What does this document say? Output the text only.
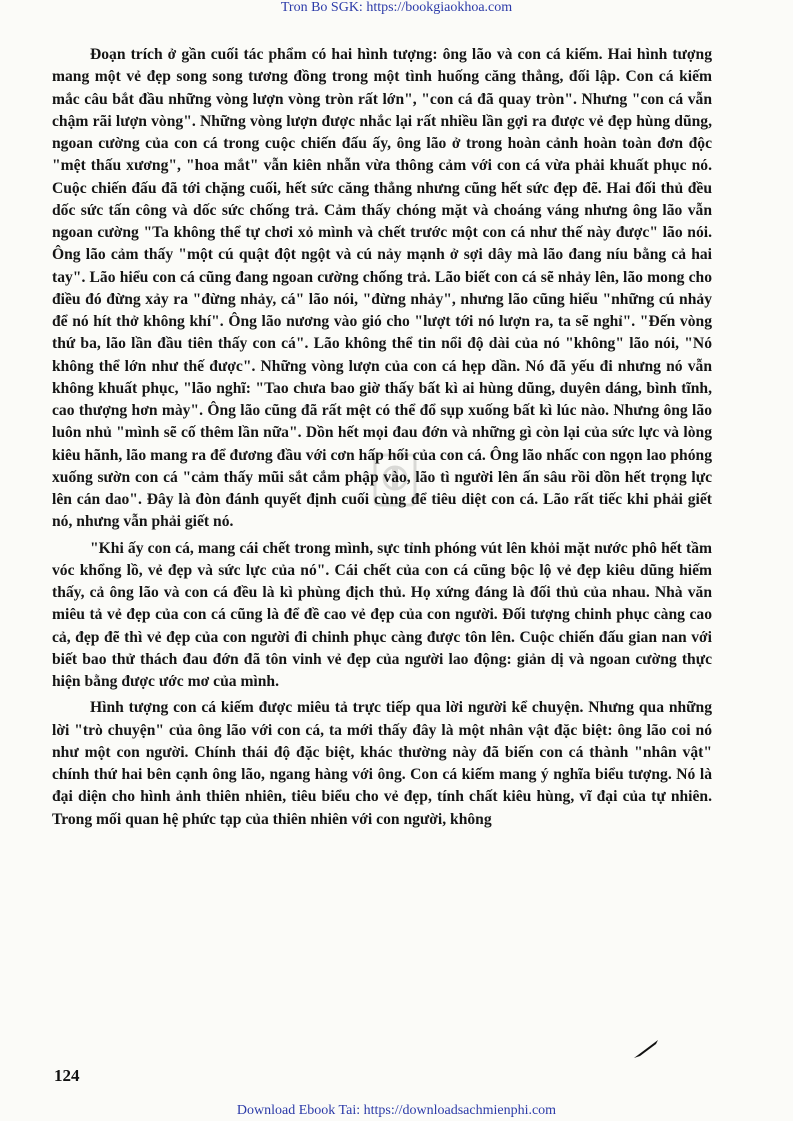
Tron Bo SGK: https://bookgiaokhoa.com

Đoạn trích ở gần cuối tác phẩm có hai hình tượng: ông lão và con cá kiếm. Hai hình tượng mang một vẻ đẹp song song tương đồng trong một tình huống căng thẳng, đối lập. Con cá kiếm mắc câu bắt đầu những vòng lượn vòng tròn rất lớn", "con cá đã quay tròn". Nhưng "con cá vẫn chậm rãi lượn vòng". Những vòng lượn được nhắc lại rất nhiều lần gợi ra được vẻ đẹp hùng dũng, ngoan cường của con cá trong cuộc chiến đấu ấy, ông lão ở trong hoàn cảnh hoàn toàn đơn độc "mệt thấu xương", "hoa mắt" vẫn kiên nhẫn vừa thông cảm với con cá vừa phải khuất phục nó. Cuộc chiến đấu đã tới chặng cuối, hết sức căng thẳng nhưng cũng hết sức đẹp đẽ. Hai đối thủ đều dốc sức tấn công và dốc sức chống trả. Cảm thấy chóng mặt và choáng váng nhưng ông lão vẫn ngoan cường "Ta không thể tự chơi xỏ mình và chết trước một con cá như thế này được" lão nói. Ông lão cảm thấy "một cú quật đột ngột và cú nảy mạnh ở sợi dây mà lão đang níu bằng cả hai tay". Lão hiểu con cá cũng đang ngoan cường chống trả. Lão biết con cá sẽ nhảy lên, lão mong cho điều đó đừng xảy ra "đừng nhảy, cá" lão nói, "đừng nhảy", nhưng lão cũng hiểu "những cú nhảy để nó hít thở không khí". Ông lão nương vào gió cho "lượt tới nó lượn ra, ta sẽ nghỉ". "Đến vòng thứ ba, lão lần đầu tiên thấy con cá". Lão không thể tin nổi độ dài của nó "không" lão nói, "Nó không thể lớn như thế được". Những vòng lượn của con cá hẹp dần. Nó đã yếu đi nhưng nó vẫn không khuất phục, "lão nghĩ: "Tao chưa bao giờ thấy bất kì ai hùng dũng, duyên dáng, bình tĩnh, cao thượng hơn mày". Ông lão cũng đã rất mệt có thể đổ sụp xuống bất kì lúc nào. Nhưng ông lão luôn nhủ "mình sẽ cố thêm lần nữa". Dồn hết mọi đau đớn và những gì còn lại của sức lực và lòng kiêu hãnh, lão mang ra để đương đầu với cơn hấp hối của con cá. Ông lão nhấc con ngọn lao phóng xuống sườn con cá "cảm thấy mũi sắt cắm phập vào, lão tì người lên ấn sâu rồi dồn hết trọng lực lên cán dao". Đây là đòn đánh quyết định cuối cùng để tiêu diệt con cá. Lão rất tiếc khi phải giết nó, nhưng vẫn phải giết nó.

"Khi ấy con cá, mang cái chết trong mình, sực tỉnh phóng vút lên khỏi mặt nước phô hết tầm vóc khổng lồ, vẻ đẹp và sức lực của nó". Cái chết của con cá cũng bộc lộ vẻ đẹp kiêu dũng hiếm thấy, cả ông lão và con cá đều là kì phùng địch thủ. Họ xứng đáng là đối thủ của nhau. Nhà văn miêu tả vẻ đẹp của con cá cũng là để đề cao vẻ đẹp của con người. Đối tượng chinh phục càng cao cả, đẹp đẽ thì vẻ đẹp của con người đi chinh phục càng được tôn lên. Cuộc chiến đấu gian nan với biết bao thử thách đau đớn đã tôn vinh vẻ đẹp của người lao động: giản dị và ngoan cường thực hiện bằng được ước mơ của mình.

Hình tượng con cá kiếm được miêu tả trực tiếp qua lời người kể chuyện. Nhưng qua những lời "trò chuyện" của ông lão với con cá, ta mới thấy đây là một nhân vật đặc biệt: ông lão coi nó như một con người. Chính thái độ đặc biệt, khác thường này đã biến con cá thành "nhân vật" chính thứ hai bên cạnh ông lão, ngang hàng với ông. Con cá kiếm mang ý nghĩa biểu tượng. Nó là đại diện cho hình ảnh thiên nhiên, tiêu biểu cho vẻ đẹp, tính chất kiêu hùng, vĩ đại của tự nhiên. Trong mối quan hệ phức tạp của thiên nhiên với con người, không

124
Download Ebook Tai: https://downloadsachmienphi.com
